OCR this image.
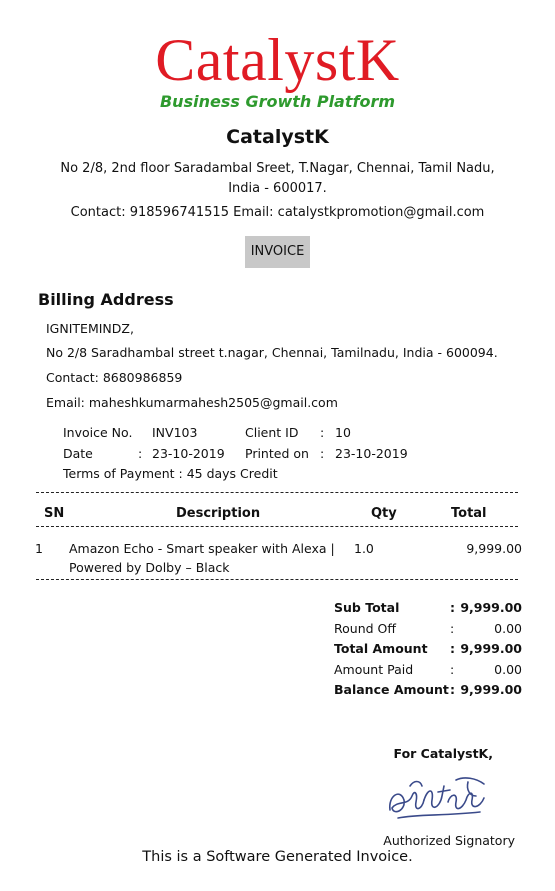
CatalystK
Business Growth Platform
CatalystK
No 2/8, 2nd floor Saradambal Sreet, T.Nagar, Chennai, Tamil Nadu, India - 600017.
Contact: 918596741515 Email: catalystkpromotion@gmail.com
INVOICE
Billing Address
IGNITEMINDZ,
No 2/8 Saradhambal street t.nagar, Chennai, Tamilnadu, India - 600094.
Contact: 8680986859
Email: maheshkumarmahesh2505@gmail.com
Invoice No. INV103	Client ID : 10
Date	: 23-10-2019 Printed on : 23-10-2019
Terms of Payment : 45 days Credit
SN	Description	Qty	Total
1 Amazon Echo - Smart speaker with Alexa |
Powered by Dolby – Black
1.0	9,999.00
Sub Total	: 9,999.00
Round Off	:	0.00
Total Amount : 9,999.00
Amount Paid	:	0.00
Balance Amount : 9,999.00
For CatalystK,
Authorized Signatory
This is a Software Generated Invoice.
